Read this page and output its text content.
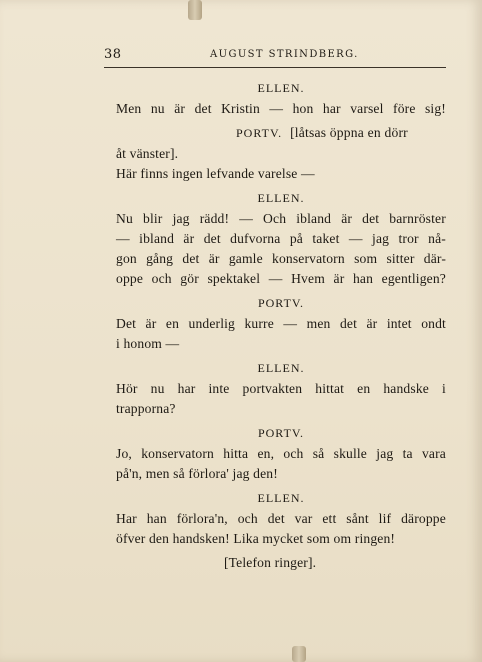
38	AUGUST STRINDBERG.
ELLEN.
Men nu är det Kristin — hon har varsel före sig!
PORTV. [låtsas öppna en dörr
åt vänster].
Här finns ingen lefvande varelse —
ELLEN.
Nu blir jag rädd! — Och ibland är det barnröster
— ibland är det dufvorna på taket — jag tror nå-
gon gång det är gamle konservatorn som sitter där-
oppe och gör spektakel — Hvem är han egentligen?
PORTV.
Det är en underlig kurre — men det är intet ondt
i honom —
ELLEN.
Hör nu har inte portvakten hittat en handske i
trapporna?
PORTV.
Jo, konservatorn hitta en, och så skulle jag ta vara
på'n, men så förlora' jag den!
ELLEN.
Har han förlora'n, och det var ett sånt lif däroppe
öfver den handsken! Lika mycket som om ringen!
[Telefon ringer].
